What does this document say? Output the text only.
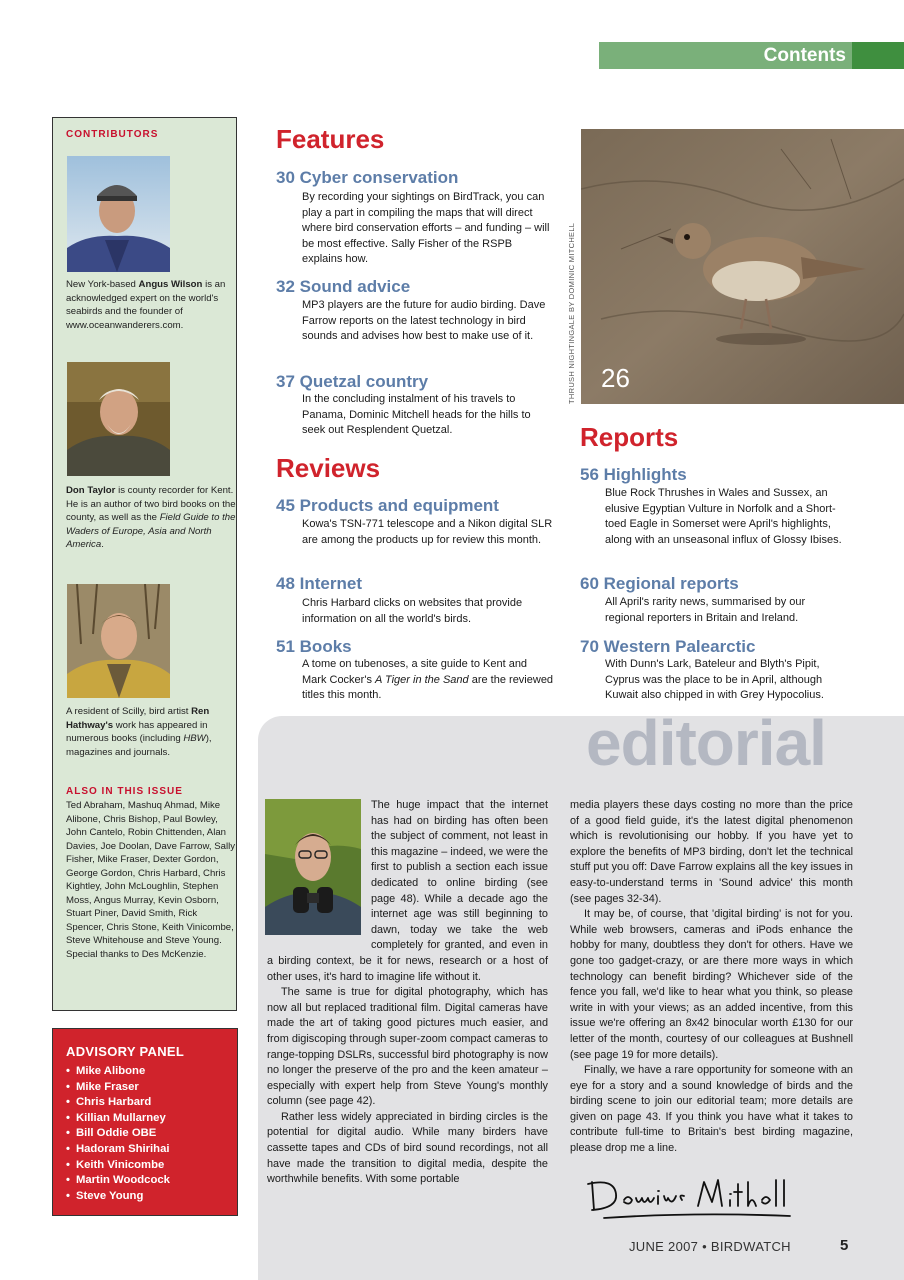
Contents
CONTRIBUTORS
New York-based Angus Wilson is an acknowledged expert on the world's seabirds and the founder of www.oceanwanderers.com.
Don Taylor is county recorder for Kent. He is an author of two bird books on the county, as well as the Field Guide to the Waders of Europe, Asia and North America.
A resident of Scilly, bird artist Ren Hathway's work has appeared in numerous books (including HBW), magazines and journals.
ALSO IN THIS ISSUE
Ted Abraham, Mashuq Ahmad, Mike Alibone, Chris Bishop, Paul Bowley, John Cantelo, Robin Chittenden, Alan Davies, Joe Doolan, Dave Farrow, Sally Fisher, Mike Fraser, Dexter Gordon, George Gordon, Chris Harbard, Chris Kightley, John McLoughlin, Stephen Moss, Angus Murray, Kevin Osborn, Stuart Piner, David Smith, Rick Spencer, Chris Stone, Keith Vinicombe, Steve Whitehouse and Steve Young. Special thanks to Des McKenzie.
ADVISORY PANEL
• Mike Alibone
• Mike Fraser
• Chris Harbard
• Killian Mullarney
• Bill Oddie OBE
• Hadoram Shirihai
• Keith Vinicombe
• Martin Woodcock
• Steve Young
Features
30 Cyber conservation
By recording your sightings on BirdTrack, you can play a part in compiling the maps that will direct where bird conservation efforts – and funding – will be most effective. Sally Fisher of the RSPB explains how.
32 Sound advice
MP3 players are the future for audio birding. Dave Farrow reports on the latest technology in bird sounds and advises how best to make use of it.
37 Quetzal country
In the concluding instalment of his travels to Panama, Dominic Mitchell heads for the hills to seek out Resplendent Quetzal.
Reviews
45 Products and equipment
Kowa's TSN-771 telescope and a Nikon digital SLR are among the products up for review this month.
48 Internet
Chris Harbard clicks on websites that provide information on all the world's birds.
51 Books
A tome on tubenoses, a site guide to Kent and Mark Cocker's A Tiger in the Sand are the reviewed titles this month.
26
THRUSH NIGHTINGALE BY DOMINIC MITCHELL
Reports
56 Highlights
Blue Rock Thrushes in Wales and Sussex, an elusive Egyptian Vulture in Norfolk and a Short-toed Eagle in Somerset were April's highlights, along with an unseasonal influx of Glossy Ibises.
60 Regional reports
All April's rarity news, summarised by our regional reporters in Britain and Ireland.
70 Western Palearctic
With Dunn's Lark, Bateleur and Blyth's Pipit, Cyprus was the place to be in April, although Kuwait also chipped in with Grey Hypocolius.
editorial

The huge impact that the internet has had on birding has often been the subject of comment, not least in this magazine – indeed, we were the first to publish a section each issue dedicated to online birding (see page 48). While a decade ago the internet age was still beginning to dawn, today we take the web completely for granted, and even in a birding context, be it for news, research or a host of other uses, it's hard to imagine life without it.

The same is true for digital photography, which has now all but replaced traditional film. Digital cameras have made the art of taking good pictures much easier, and from digiscoping through super-zoom compact cameras to range-topping DSLRs, successful bird photography is now no longer the preserve of the pro and the keen amateur – especially with expert help from Steve Young's monthly column (see page 42).

Rather less widely appreciated in birding circles is the potential for digital audio. While many birders have cassette tapes and CDs of bird sound recordings, not all have made the transition to digital media, despite the worthwhile benefits. With some portable

media players these days costing no more than the price of a good field guide, it's the latest digital phenomenon which is revolutionising our hobby. If you have yet to explore the benefits of MP3 birding, don't let the technical stuff put you off: Dave Farrow explains all the key issues in easy-to-understand terms in 'Sound advice' this month (see pages 32-34).

It may be, of course, that 'digital birding' is not for you. While web browsers, cameras and iPods enhance the hobby for many, doubtless they don't for others. Have we gone too gadget-crazy, or are there more ways in which technology can benefit birding? Whichever side of the fence you fall, we'd like to hear what you think, so please write in with your views; as an added incentive, from this issue we're offering an 8x42 binocular worth £130 for our letter of the month, courtesy of our colleagues at Bushnell (see page 19 for more details).

Finally, we have a rare opportunity for someone with an eye for a story and a sound knowledge of birds and the birding scene to join our editorial team; more details are given on page 43. If you think you have what it takes to contribute full-time to Britain's best birding magazine, please drop me a line.

JUNE 2007 • BIRDWATCH	5
